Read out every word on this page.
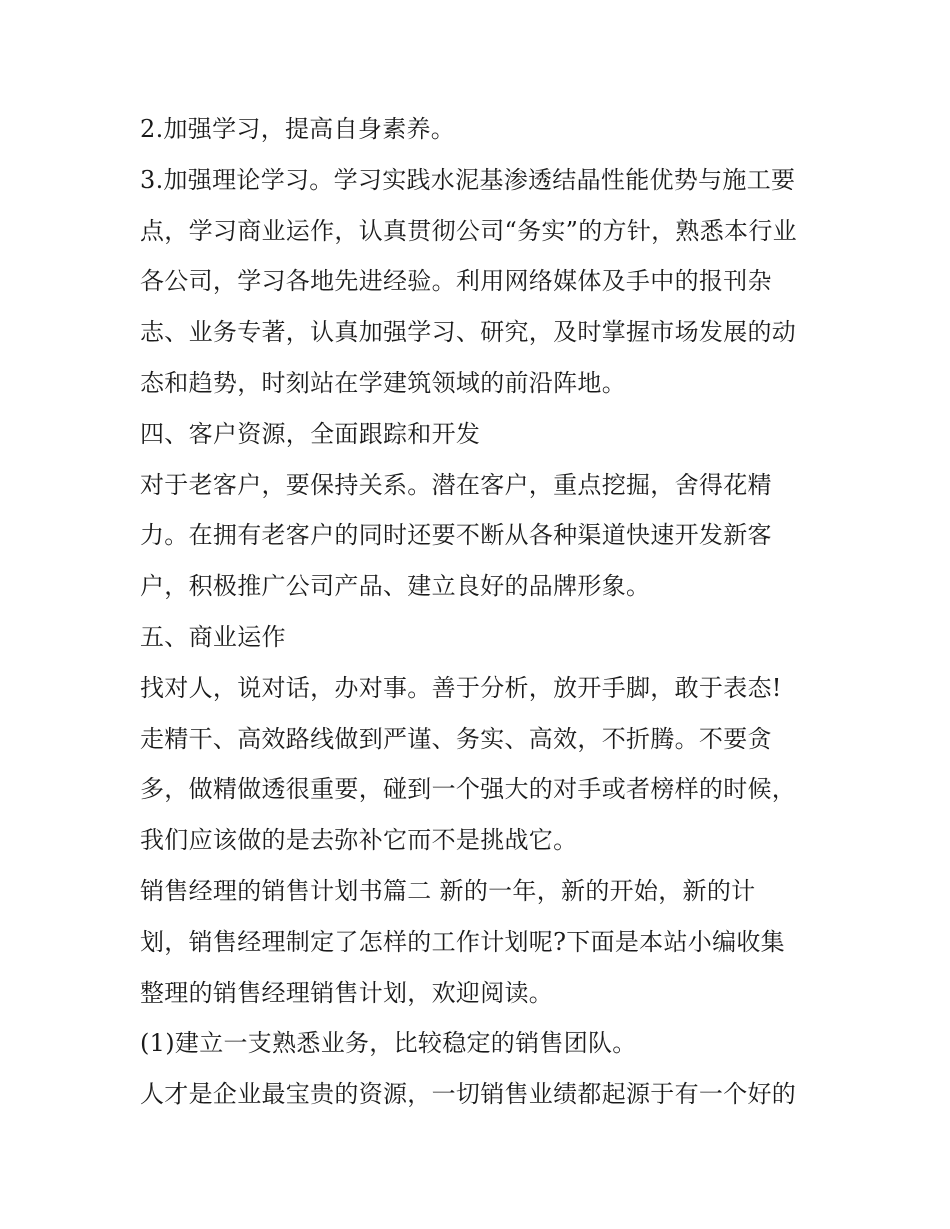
2.加强学习，提高自身素养。
3.加强理论学习。学习实践水泥基渗透结晶性能优势与施工要
点，学习商业运作，认真贯彻公司“务实”的方针，熟悉本行业
各公司，学习各地先进经验。利用网络媒体及手中的报刊杂
志、业务专著，认真加强学习、研究，及时掌握市场发展的动
态和趋势，时刻站在学建筑领域的前沿阵地。
四、客户资源，全面跟踪和开发
对于老客户，要保持关系。潜在客户，重点挖掘，舍得花精
力。在拥有老客户的同时还要不断从各种渠道快速开发新客
户，积极推广公司产品、建立良好的品牌形象。
五、商业运作
找对人，说对话，办对事。善于分析，放开手脚，敢于表态!
走精干、高效路线做到严谨、务实、高效，不折腾。不要贪
多，做精做透很重要，碰到一个强大的对手或者榜样的时候，
我们应该做的是去弥补它而不是挑战它。
销售经理的销售计划书篇二 新的一年，新的开始，新的计
划，销售经理制定了怎样的工作计划呢?下面是本站小编收集
整理的销售经理销售计划，欢迎阅读。
(1)建立一支熟悉业务，比较稳定的销售团队。
人才是企业最宝贵的资源，一切销售业绩都起源于有一个好的
